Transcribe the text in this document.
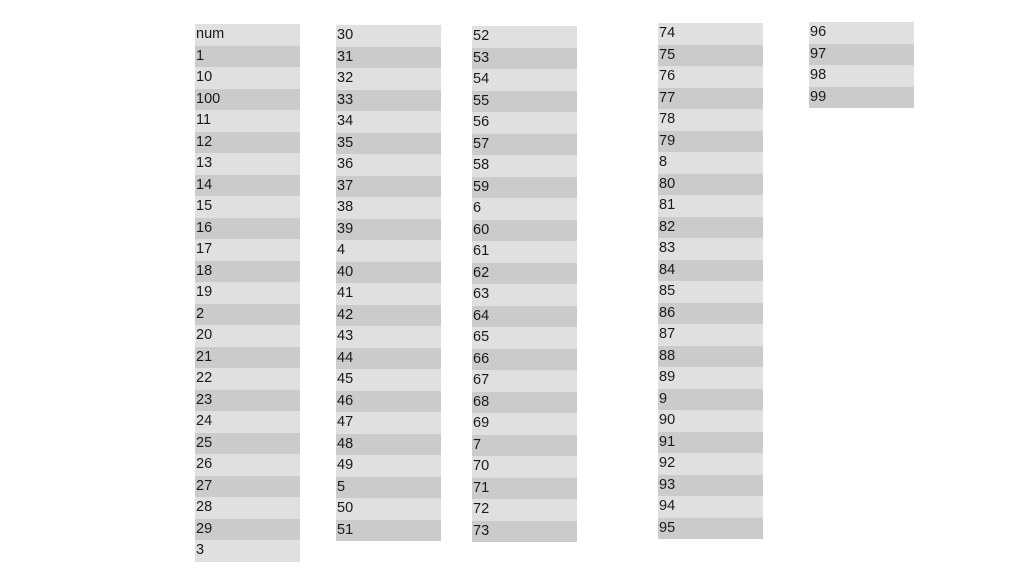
num
1
10
100
11
12
13
14
15
16
17
18
19
2
20
21
22
23
24
25
26
27
28
29
3
30
31
32
33
34
35
36
37
38
39
4
40
41
42
43
44
45
46
47
48
49
5
50
51
52
53
54
55
56
57
58
59
6
60
61
62
63
64
65
66
67
68
69
7
70
71
72
73
74
75
76
77
78
79
8
80
81
82
83
84
85
86
87
88
89
9
90
91
92
93
94
95
96
97
98
99
